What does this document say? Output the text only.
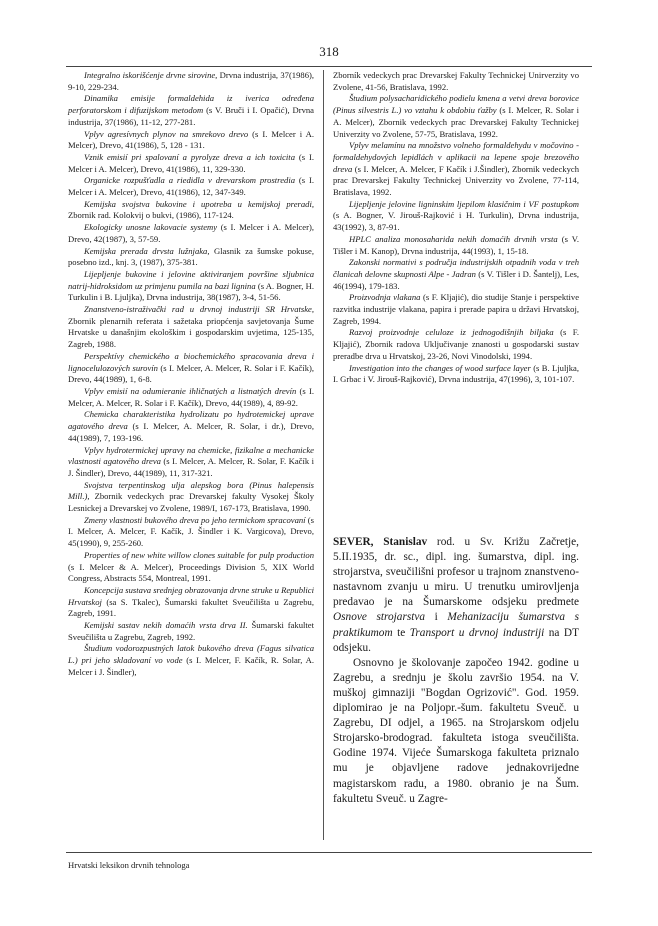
318

Integralno iskorišćenje drvne sirovine, Drvna industrija, 37(1986), 9-10, 229-234.

Dinamika emisije formaldehida iz iverica određena perforatorskom i difuzijskom metodom (s V. Bruči i I. Opačić), Drvna industrija, 37(1986), 11-12, 277-281.

Vplyv agresívnych plynov na smrekovo drevo (s I. Melcer i A. Melcer), Drevo, 41(1986), 5, 128 - 131.

Vznik emisií pri spalovaní a pyrolyze dreva a ich toxicita (s I. Melcer i A. Melcer), Drevo, 41(1986), 11, 329-330.

Organicke rozpušťadla a riedidla v drevarskom prostredia (s I. Melcer i A. Melcer), Drevo, 41(1986), 12, 347-349.

Kemijska svojstva bukovine i upotreba u kemijskoj preradi, Zbornik rad. Kolokvij o bukvi, (1986), 117-124.

Ekologicky unosne lakovacie systemy (s I. Melcer i A. Melcer), Drevo, 42(1987), 3, 57-59.

Kemijska prerada drvsta lužnjaka, Glasnik za šumske pokuse, posebno izd., knj. 3, (1987), 375-381.

Lijepljenje bukovine i jelovine aktiviranjem površine sljubnica natrij-hidroksidom uz primjenu pumila na bazi lignina (s A. Bogner, H. Turkulin i B. Ljuljka), Drvna industrija, 38(1987), 3-4, 51-56.

Znanstveno-istraživački rad u drvnoj industriji SR Hrvatske, Zbornik plenarnih referata i sažetaka priopćenja savjetovanja Šume Hrvatske u današnjim ekološkim i gospodarskim uvjetima, 125-135, Zagreb, 1988.

Perspektívy chemického a biochemického spracovania dreva i lignocelulozových surovín (s I. Melcer, A. Melcer, R. Solar i F. Kačík), Drevo, 44(1989), 1, 6-8.

Vplyv emisií na odumieranie ihličnatých a listnatých drevín (s I. Melcer, A. Melcer, R. Solar i F. Kačík), Drevo, 44(1989), 4, 89-92.

Chemicka charakteristika hydrolizatu po hydrotemickej uprave agatového dreva (s I. Melcer, A. Melcer, R. Solar, i dr.), Drevo, 44(1989), 7, 193-196.

Vplyv hydrotermickej upravy na chemicke, fizikalne a mechanicke vlastnosti agatového dreva (s I. Melcer, A. Melcer, R. Solar, F. Kačík i J. Šindler), Drevo, 44(1989), 11, 317-321.

Svojstva terpentinskog ulja alepskog bora (Pinus halepensis Mill.), Zbornik vedeckych prac Drevarskej fakulty Vysokej Školy Lesnickej a Drevarskej vo Zvolene, 1989/I, 167-173, Bratislava, 1990.

Zmeny vlastnosti bukového dreva po jeho termickom spracovaní (s I. Melcer, A. Melcer, F. Kačík, J. Šindler i K. Vargicova), Drevo, 45(1990), 9, 255-260.

Properties of new white willow clones suitable for pulp production (s I. Melcer & A. Melcer), Proceedings Division 5, XIX World Congress, Abstracts 554, Montreal, 1991.

Koncepcija sustava srednjeg obrazovanja drvne struke u Republici Hrvatskoj (sa S. Tkalec), Šumarski fakultet Sveučilišta u Zagrebu, Zagreb, 1991.

Kemijski sastav nekih domaćih vrsta drva II. Šumarski fakultet Sveučilišta u Zagrebu, Zagreb, 1992.

Študium vodorozpustných latok bukového dreva (Fagus silvatica L.) pri jeho skladovaní vo vode (s I. Melcer, F. Kačík, R. Solar, A. Melcer i J. Šindler),

Zborník vedeckych prac Drevarskej Fakulty Technickej Unirverzity vo Zvolene, 41-56, Bratislava, 1992.

Študium polysacharidického podielu kmena a vetvi dreva borovice (Pinus silvestris L.) vo vztahu k obdobiu ťažby (s I. Melcer, R. Solar i A. Melcer), Zbornik vedeckych prac Drevarskej Fakulty Technickej Univerzity vo Zvolene, 57-75, Bratislava, 1992.

Vplyv melamínu na množstvo volneho formaldehydu v močovino - formaldehydových lepidlách v aplikacii na lepene spoje brezového dreva (s I. Melcer, A. Melcer, F Kačík i J.Šindler), Zbornik vedeckych prac Drevarskej Fakulty Technickej Univerzity vo Zvolene, 77-114, Bratislava, 1992.

Lijepljenje jelovine ligninskim ljepilom klasičnim i VF postupkom (s A. Bogner, V. Jirouš-Rajković i H. Turkulin), Drvna industrija, 43(1992), 3, 87-91.

HPLC analiza monosaharida nekih domaćih drvnih vrsta (s V. Tišler i M. Kanop), Drvna industrija, 44(1993), 1, 15-18.

Zakonski normativi s područja industrijskih otpadnih voda v treh članicah delovne skupnosti Alpe - Jadran (s V. Tišler i D. Šantelj), Les, 46(1994), 179-183.

Proizvodnja vlakana (s F. Kljajić), dio studije Stanje i perspektive razvitka industrije vlakana, papira i prerade papira u državi Hrvatskoj, Zagreb, 1994.

Razvoj proizvodnje celuloze iz jednogodišnjih biljaka (s F. Kljajić), Zbornik radova Uključivanje znanosti u gospodarski sustav preradbe drva u Hrvatskoj, 23-26, Novi Vinodolski, 1994.

Investigation into the changes of wood surface layer (s B. Ljuljka, I. Grbac i V. Jirouš-Rajković), Drvna industrija, 47(1996), 3, 101-107.

SEVER, Stanislav rod. u Sv. Križu Začretje, 5.II.1935, dr. sc., dipl. ing. šumarstva, dipl. ing. strojarstva, sveučilišni profesor u trajnom znanstveno-nastavnom zvanju u miru. U trenutku umirovljenja predavao je na Šumarskome odsjeku predmete Osnove strojarstva i Mehanizaciju šumarstva s praktikumom te Transport u drvnoj industriji na DT odsjeku.

Osnovno je školovanje započeo 1942. godine u Zagrebu, a srednju je školu završio 1954. na V. muškoj gimnaziji "Bogdan Ogrizović". God. 1959. diplomirao je na Poljopr.-šum. fakultetu Sveuč. u Zagrebu, DI odjel, a 1965. na Strojarskom odjelu Strojarsko-brodograd. fakulteta istoga sveučilišta. Godine 1974. Vijeće Šumarskoga fakulteta priznalo mu je objavljene radove jednakovrijedne magistarskom radu, a 1980. obranio je na Šum. fakultetu Sveuč. u Zagre-

Hrvatski leksikon drvnih tehnologa
